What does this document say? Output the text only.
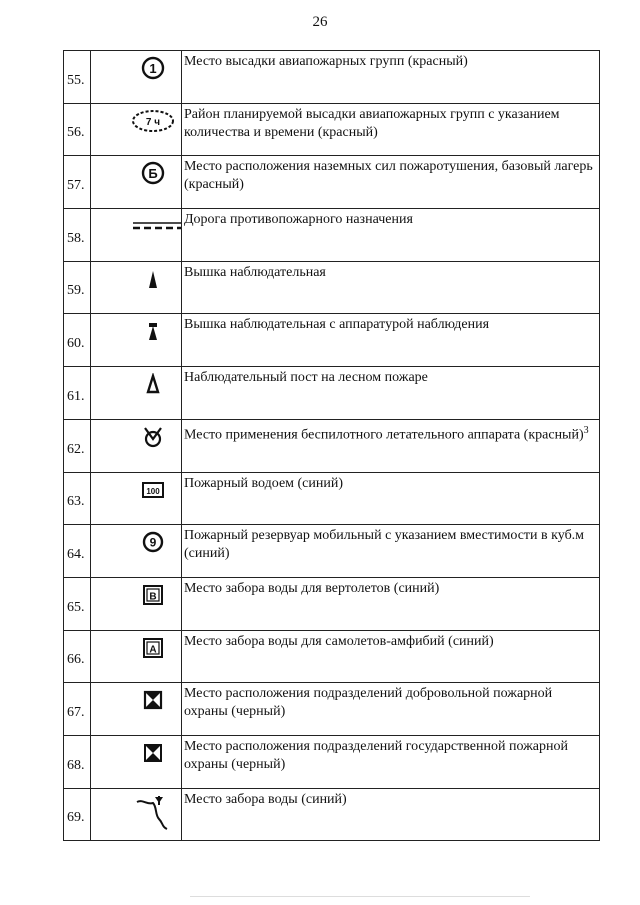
26
55.	1	Место высадки авиапожарных групп (красный)
56.	7 ч	Район планируемой высадки авиапожарных групп с указанием количества и времени (красный)
57.	Б	Место расположения наземных сил пожаротушения, базовый лагерь (красный)
58.		Дорога противопожарного назначения
59.		Вышка наблюдательная
60.		Вышка наблюдательная с аппаратурой наблюдения
61.		Наблюдательный пост на лесном пожаре
62.		Место применения беспилотного летательного аппарата (красный)$^3$
63.	100	Пожарный водоем (синий)
64.	9	Пожарный резервуар мобильный с указанием вместимости в куб.м (синий)
65.	В	Место забора воды для вертолетов (синий)
66.	А	Место забора воды для самолетов-амфибий (синий)
67.		Место расположения подразделений добровольной пожарной охраны (черный)
68.		Место расположения подразделений государственной пожарной охраны (черный)
69.		Место забора воды (синий)
